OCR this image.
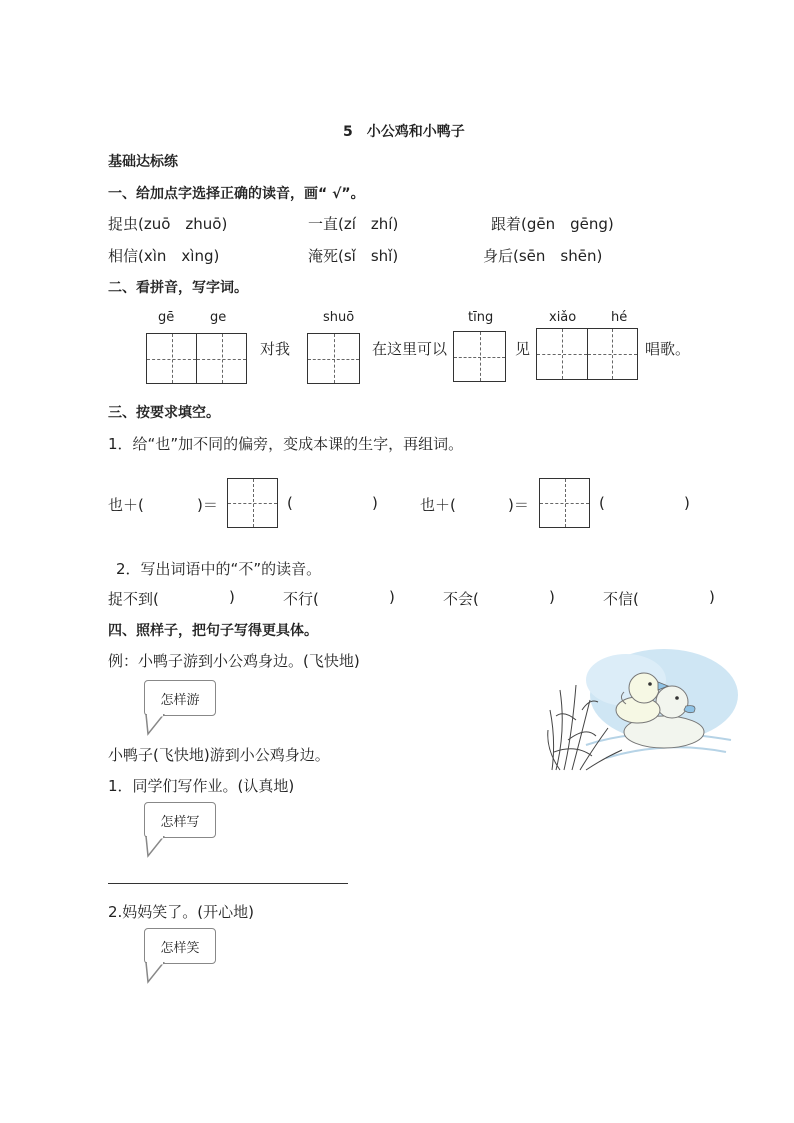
5　小公鸡和小鸭子
基础达标练
一、给加点字选择正确的读音，画“ √”。
捉虫(zuō　zhuō)	一直(zí　zhí)	跟着(gēn　gēng)
相信(xìn　xìng)	淹死(sǐ　shǐ)	身后(sēn　shēn)
二、看拼音，写字词。
gē	ge	shuō	tīng	xiǎo	hé
对我	在这里可以	见	唱歌。
三、按要求填空。
1．给“也”加不同的偏旁，变成本课的生字，再组词。
也＋(	)＝	(	)	也＋(	)＝	(	)
2．写出词语中的“不”的读音。
捉不到(	)	不行(	)	不会(	)	不信(	)
四、照样子，把句子写得更具体。
例：小鸭子游到小公鸡身边。(飞快地)
怎样游
小鸭子(飞快地)游到小公鸡身边。
1．同学们写作业。(认真地)
怎样写
2.妈妈笑了。(开心地)
怎样笑
